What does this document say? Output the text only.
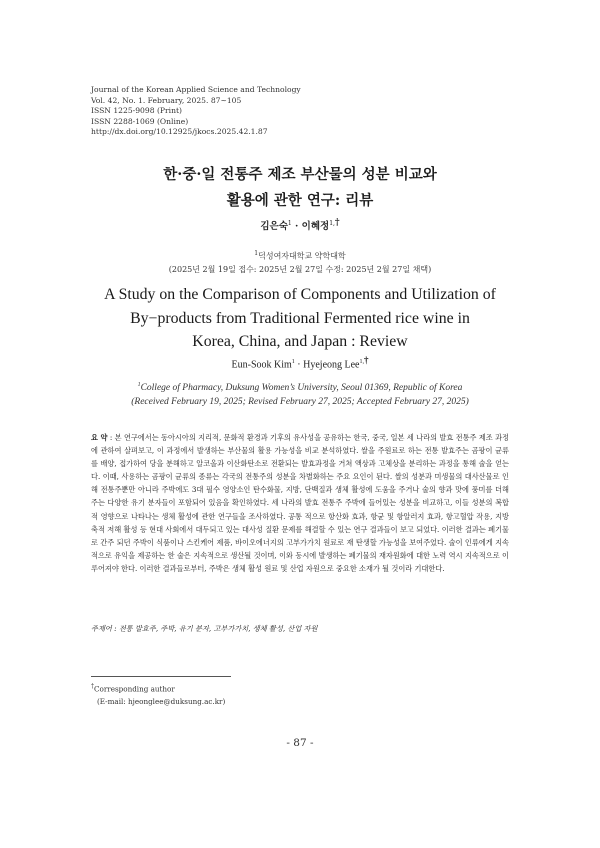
Journal of the Korean Applied Science and Technology
Vol. 42, No. 1. February, 2025. 87~105
ISSN 1225-9098 (Print)
ISSN 2288-1069 (Online)
http://dx.doi.org/10.12925/jkocs.2025.42.1.87
한·중·일 전통주 제조 부산물의 성분 비교와
활용에 관한 연구: 리뷰
김은숙$^1$ · 이혜정$^{1,}$†
$^1$덕성여자대학교 약학대학
(2025년 2월 19일 접수: 2025년 2월 27일 수정: 2025년 2월 27일 채택)
A Study on the Comparison of Components and Utilization of
By−products from Traditional Fermented rice wine in
Korea, China, and Japan : Review
Eun-Sook Kim$^1$ · Hyejeong Lee$^{1,}$†
$^1$College of Pharmacy, Duksung Women’s University, Seoul 01369, Republic of Korea
(Received February 19, 2025; Revised February 27, 2025; Accepted February 27, 2025)
요 약 : 본 연구에서는 동아시아의 지리적, 문화적 환경과 기후의 유사성을 공유하는 한국, 중국, 일본 세 나라의 발효 전통주 제조 과정에 관하여 살펴보고, 이 과정에서 발생하는 부산물의 활용 가능성을 비교 분석하였다. 쌀을 주원료로 하는 전통 발효주는 곰팡이 균류를 배양, 접가하여 당을 분해하고 알코올과 이산화탄소로 전환되는 발효과정을 거쳐 액상과 고체상을 분리하는 과정을 통해 술을 얻는다. 이때, 사용하는 곰팡이 균류의 종류는 각국의 전통주의 성분을 차별화하는 주요 요인이 된다. 쌀의 성분과 미생물의 대사산물로 인해 전통주뿐만 아니라 주박에도 3대 필수 영양소인 탄수화물, 지방, 단백질과 생체 활성에 도움을 주거나 술의 향과 맛에 풍미를 더해주는 다양한 유기 분자들이 포함되어 있음을 확인하였다. 세 나라의 발효 전통주 주박에 들어있는 성분을 비교하고, 이들 성분의 복합적 영향으로 나타나는 생체 활성에 관한 연구들을 조사하였다. 공통 적으로 항산화 효과, 항균 및 항알러지 효과, 항고혈압 작용, 지방 축적 저해 활성 등 현대 사회에서 대두되고 있는 대사성 질환 문제를 해결할 수 있는 연구 결과들이 보고 되었다. 이러한 결과는 폐기물로 간주 되던 주박이 식품이나 스킨케어 제품, 바이오에너지의 고부가가치 원료로 재 탄생할 가능성을 보여주었다. 술이 인류에게 지속적으로 유익을 제공하는 한 술은 지속적으로 생산될 것이며, 이와 동시에 발생하는 폐기물의 재자원화에 대한 노력 역시 지속적으로 이루어져야 한다. 이러한 결과들로부터, 주박은 생체 활성 원료 및 산업 자원으로 중요한 소재가 될 것이라 기대한다.
주제어 : 전통 발효주, 주박, 유기 분자, 고부가가치, 생체 활성, 산업 자원
†Corresponding author
(E-mail: hjeonglee@duksung.ac.kr)
- 87 -
